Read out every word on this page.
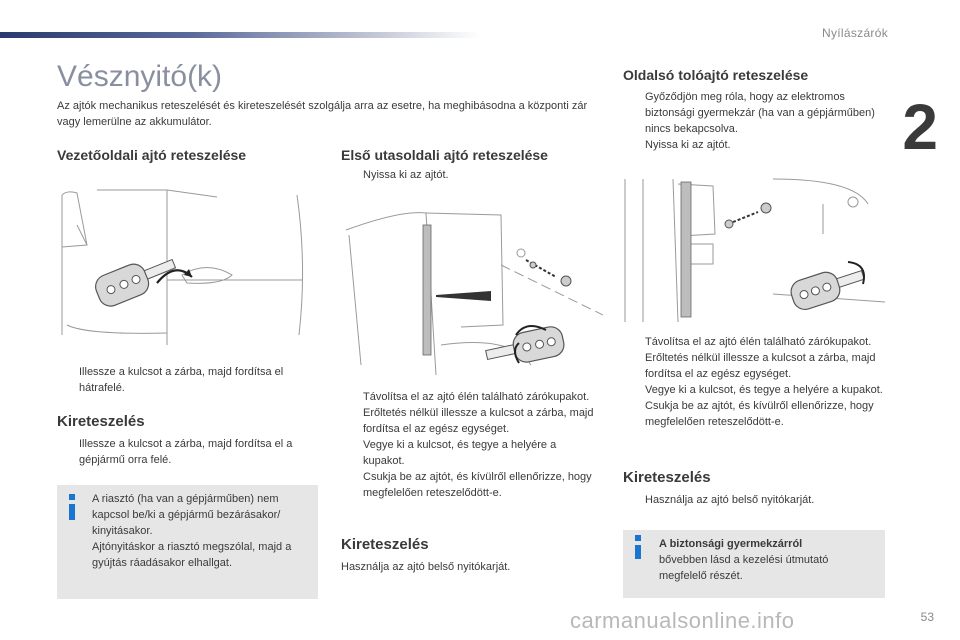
Nyílászárók
2
Vésznyitó(k)
Az ajtók mechanikus reteszelését és kireteszelését szolgálja arra az esetre, ha meghibásodna a központi zár vagy lemerülne az akkumulátor.
Vezetőoldali ajtó reteszelése
Illessze a kulcsot a zárba, majd fordítsa el hátrafelé.
Kireteszelés
Illessze a kulcsot a zárba, majd fordítsa el a gépjármű orra felé.
A riasztó (ha van a gépjárműben) nem kapcsol be/ki a gépjármű bezárásakor/ kinyitásakor.
Ajtónyitáskor a riasztó megszólal, majd a gyújtás ráadásakor elhallgat.
Első utasoldali ajtó reteszelése
Nyissa ki az ajtót.
Távolítsa el az ajtó élén található zárókupakot.
Erőltetés nélkül illessze a kulcsot a zárba, majd fordítsa el az egész egységet.
Vegye ki a kulcsot, és tegye a helyére a kupakot.
Csukja be az ajtót, és kívülről ellenőrizze, hogy megfelelően reteszelődött-e.
Kireteszelés
Használja az ajtó belső nyitókarját.
Oldalsó tolóajtó reteszelése
Győződjön meg róla, hogy az elektromos biztonsági gyermekzár (ha van a gépjárműben) nincs bekapcsolva.
Nyissa ki az ajtót.
Távolítsa el az ajtó élén található zárókupakot.
Erőltetés nélkül illessze a kulcsot a zárba, majd fordítsa el az egész egységet.
Vegye ki a kulcsot, és tegye a helyére a kupakot.
Csukja be az ajtót, és kívülről ellenőrizze, hogy megfelelően reteszelődött-e.
Kireteszelés
Használja az ajtó belső nyitókarját.
A biztonsági gyermekzárról
bővebben lásd a kezelési útmutató megfelelő részét.
carmanualsonline.info	53
